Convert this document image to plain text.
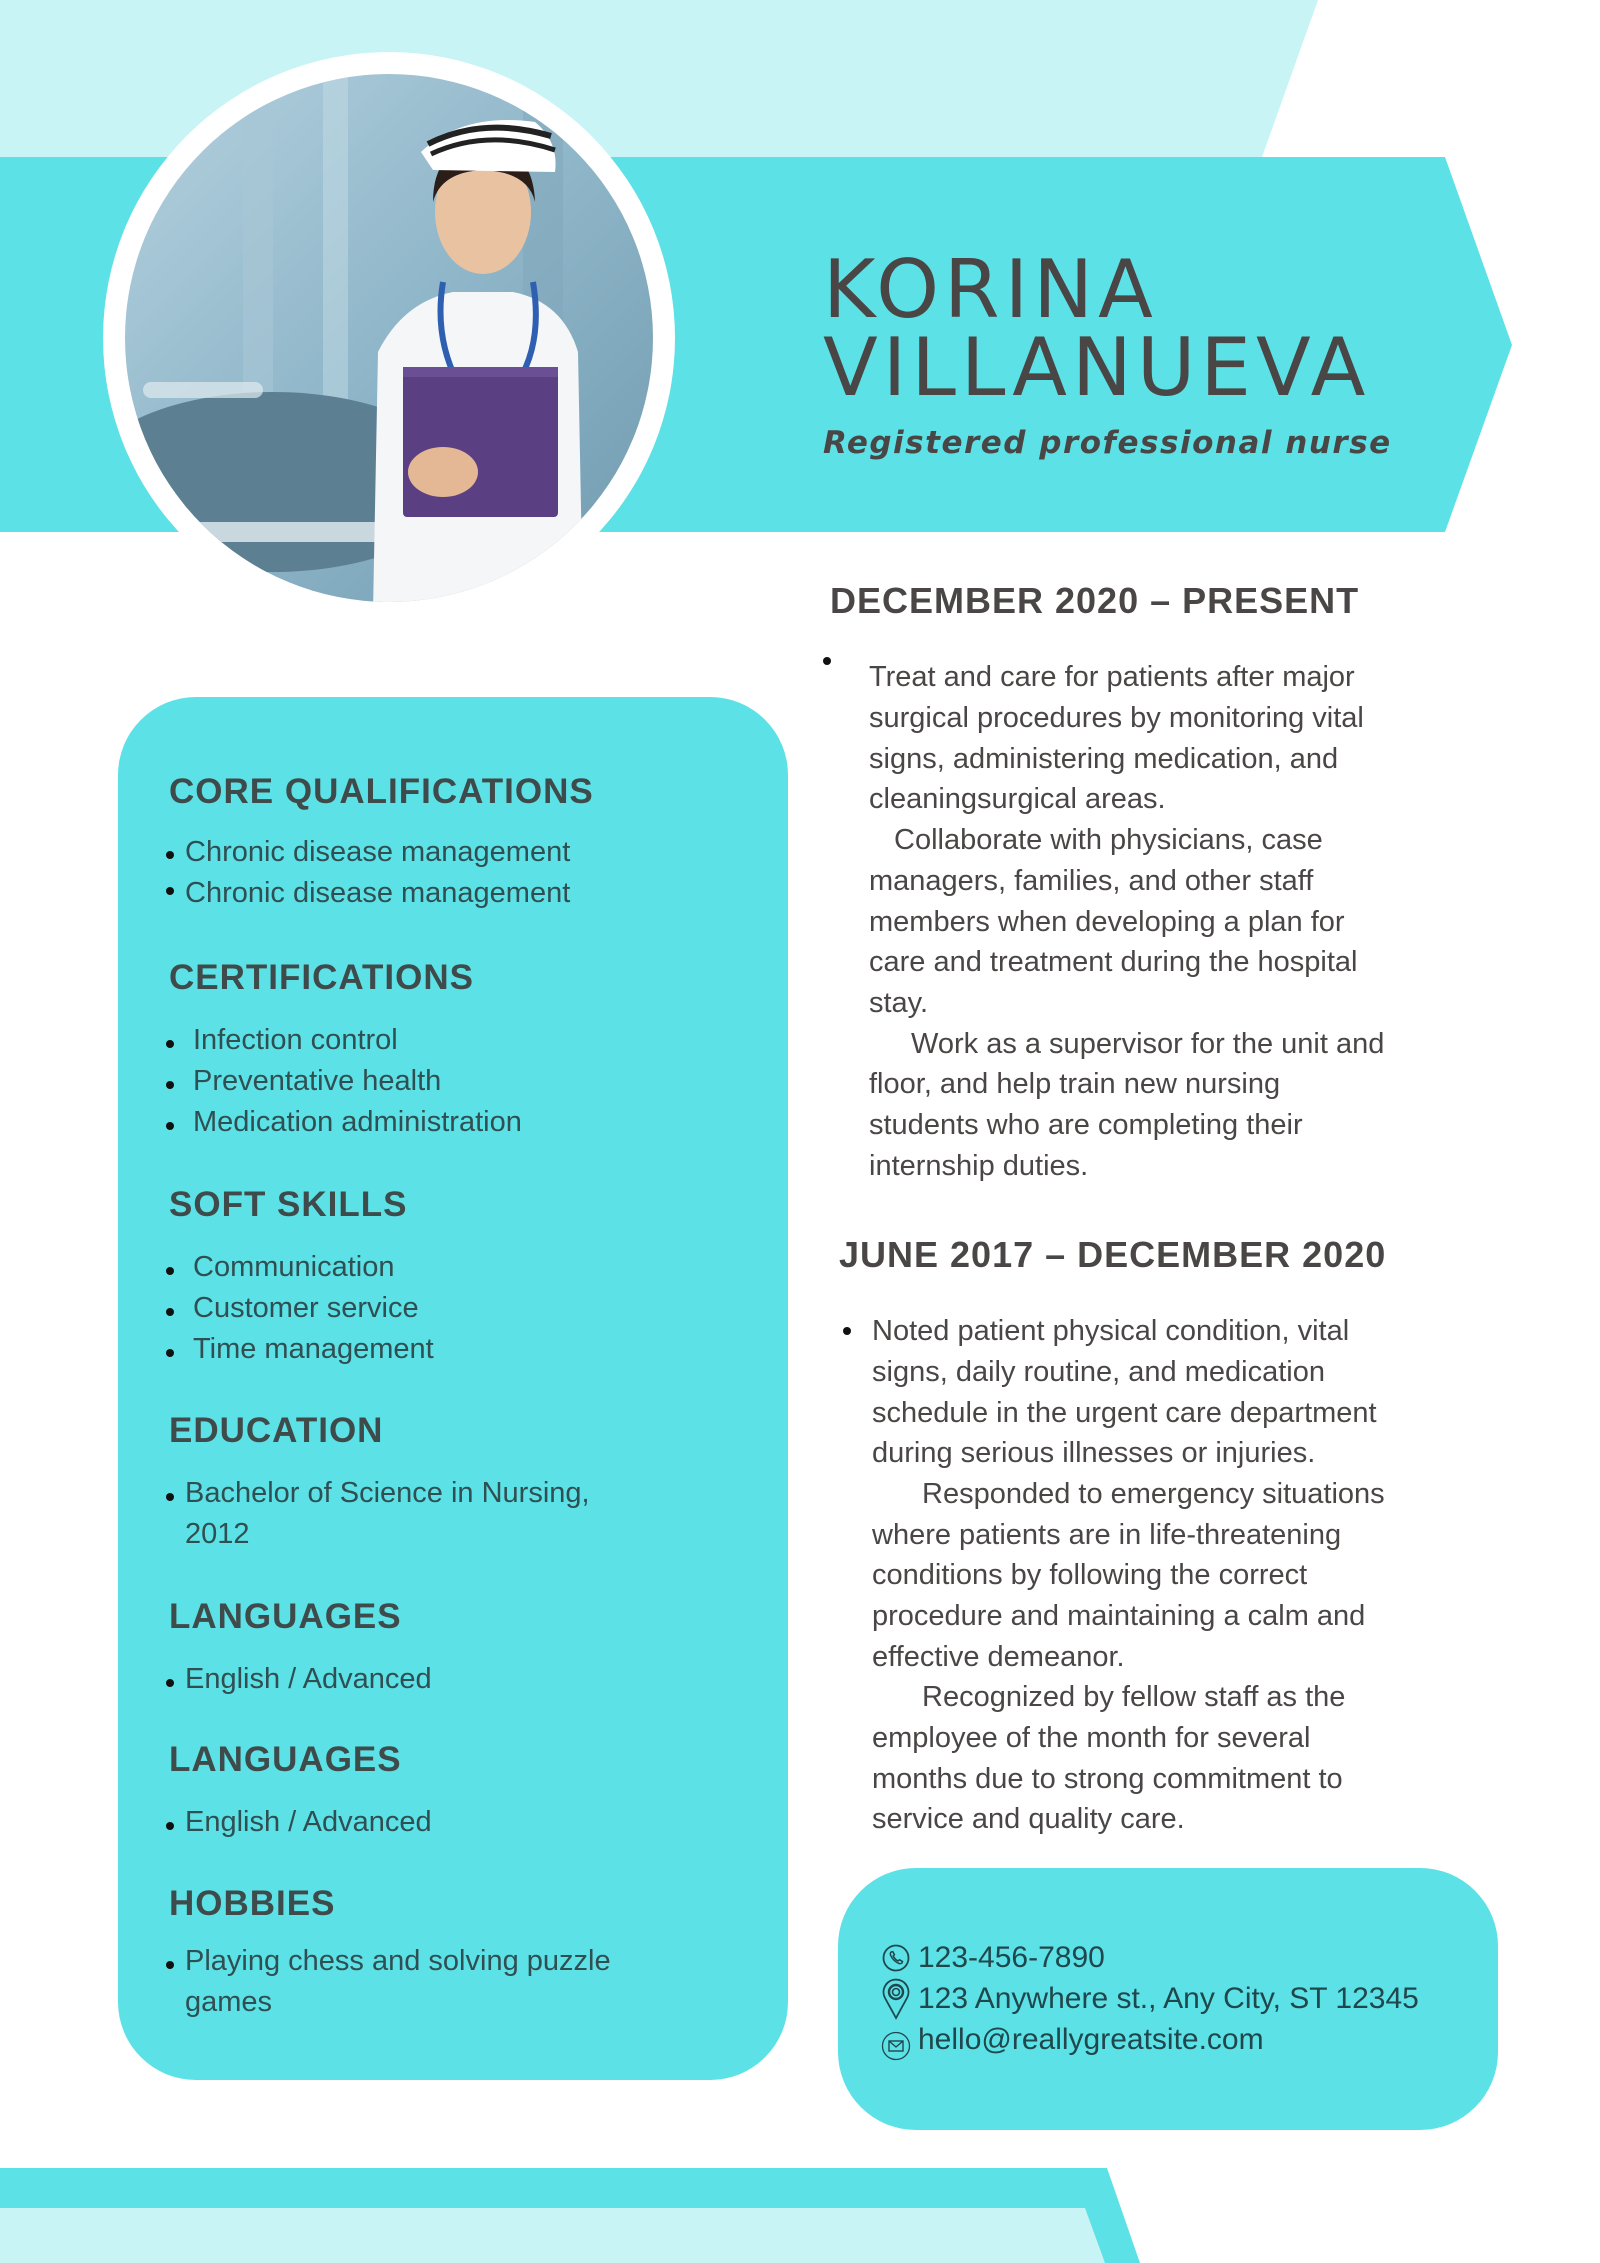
KORINA
VILLANUEVA
Registered professional nurse
CORE QUALIFICATIONS
Chronic disease management
Chronic disease management
CERTIFICATIONS
Infection control
Preventative health
Medication administration
SOFT SKILLS
Communication
Customer service
Time management
EDUCATION
Bachelor of Science in Nursing,
2012
LANGUAGES
English / Advanced
LANGUAGES
English / Advanced
HOBBIES
Playing chess and solving puzzle
games
DECEMBER 2020 – PRESENT
Treat and care for patients after major
surgical procedures by monitoring vital
signs, administering medication, and
cleaningsurgical areas.
Collaborate with physicians, case
managers, families, and other staff
members when developing a plan for
care and treatment during the hospital
stay.
Work as a supervisor for the unit and
floor, and help train new nursing
students who are completing their
internship duties.
JUNE 2017 – DECEMBER 2020
Noted patient physical condition, vital
signs, daily routine, and medication
schedule in the urgent care department
during serious illnesses or injuries.
Responded to emergency situations
where patients are in life-threatening
conditions by following the correct
procedure and maintaining a calm and
effective demeanor.
Recognized by fellow staff as the
employee of the month for several
months due to strong commitment to
service and quality care.
123-456-7890
123 Anywhere st., Any City, ST 12345
hello@reallygreatsite.com
